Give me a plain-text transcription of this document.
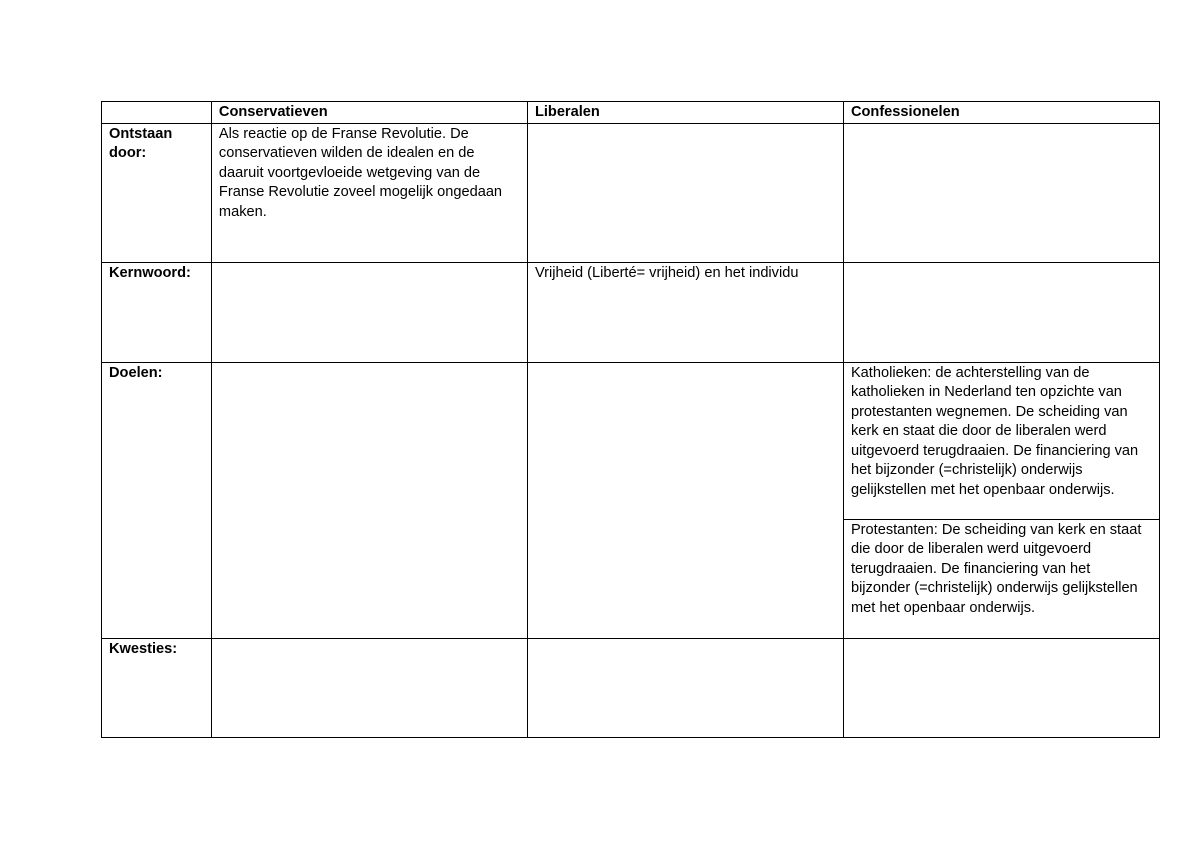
	Conservatieven	Liberalen	Confessionelen
Ontstaan door:	Als reactie op de Franse Revolutie. De conservatieven wilden de idealen en de daaruit voortgevloeide wetgeving van de Franse Revolutie zoveel mogelijk ongedaan maken.		
Kernwoord:		Vrijheid (Liberté= vrijheid) en het individu	
Doelen:			Katholieken: de achterstelling van de katholieken in Nederland ten opzichte van protestanten wegnemen. De scheiding van kerk en staat die door de liberalen werd uitgevoerd terugdraaien. De financiering van het bijzonder (=christelijk) onderwijs gelijkstellen met het openbaar onderwijs.
			Protestanten: De scheiding van kerk en staat die door de liberalen werd uitgevoerd terugdraaien. De financiering van het bijzonder (=christelijk) onderwijs gelijkstellen met het openbaar onderwijs.
Kwesties:			
